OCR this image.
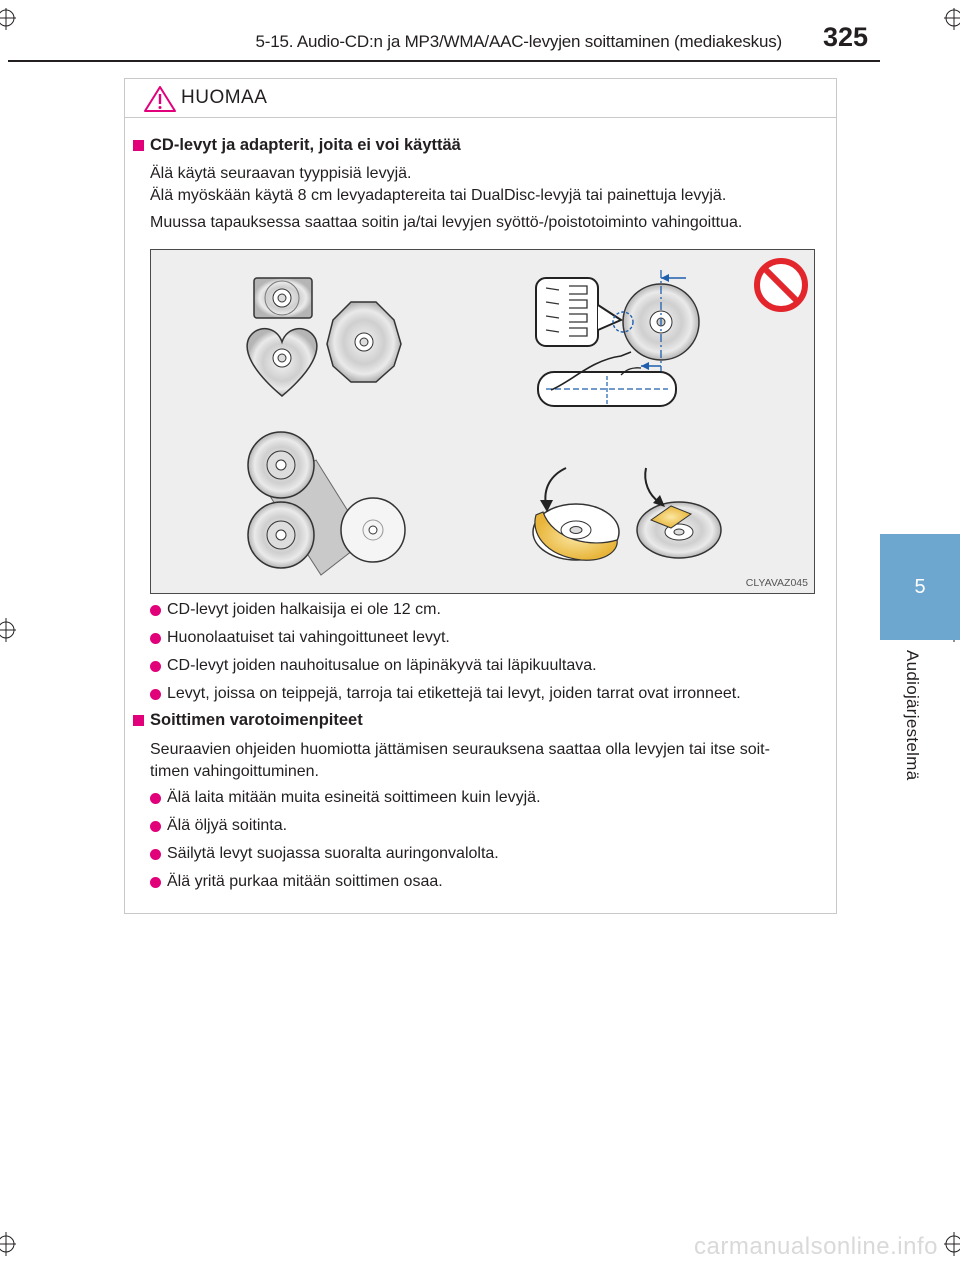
5-15. Audio-CD:n ja MP3/WMA/AAC-levyjen soittaminen (mediakeskus) 325
5
Audiojärjestelmä
HUOMAA
CD-levyt ja adapterit, joita ei voi käyttää
Älä käytä seuraavan tyyppisiä levyjä.
Älä myöskään käytä 8 cm levyadaptereita tai DualDisc-levyjä tai painettuja levyjä.
Muussa tapauksessa saattaa soitin ja/tai levyjen syöttö-/poistotoiminto vahingoittua.
CLYAVAZ045
CD-levyt joiden halkaisija ei ole 12 cm.
Huonolaatuiset tai vahingoittuneet levyt.
CD-levyt joiden nauhoitusalue on läpinäkyvä tai läpikuultava.
Levyt, joissa on teippejä, tarroja tai etikettejä tai levyt, joiden tarrat ovat irronneet.
Soittimen varotoimenpiteet
Seuraavien ohjeiden huomiotta jättämisen seurauksena saattaa olla levyjen tai itse soit-
timen vahingoittuminen.
Älä laita mitään muita esineitä soittimeen kuin levyjä.
Älä öljyä soitinta.
Säilytä levyt suojassa suoralta auringonvalolta.
Älä yritä purkaa mitään soittimen osaa.
carmanualsonline.info
